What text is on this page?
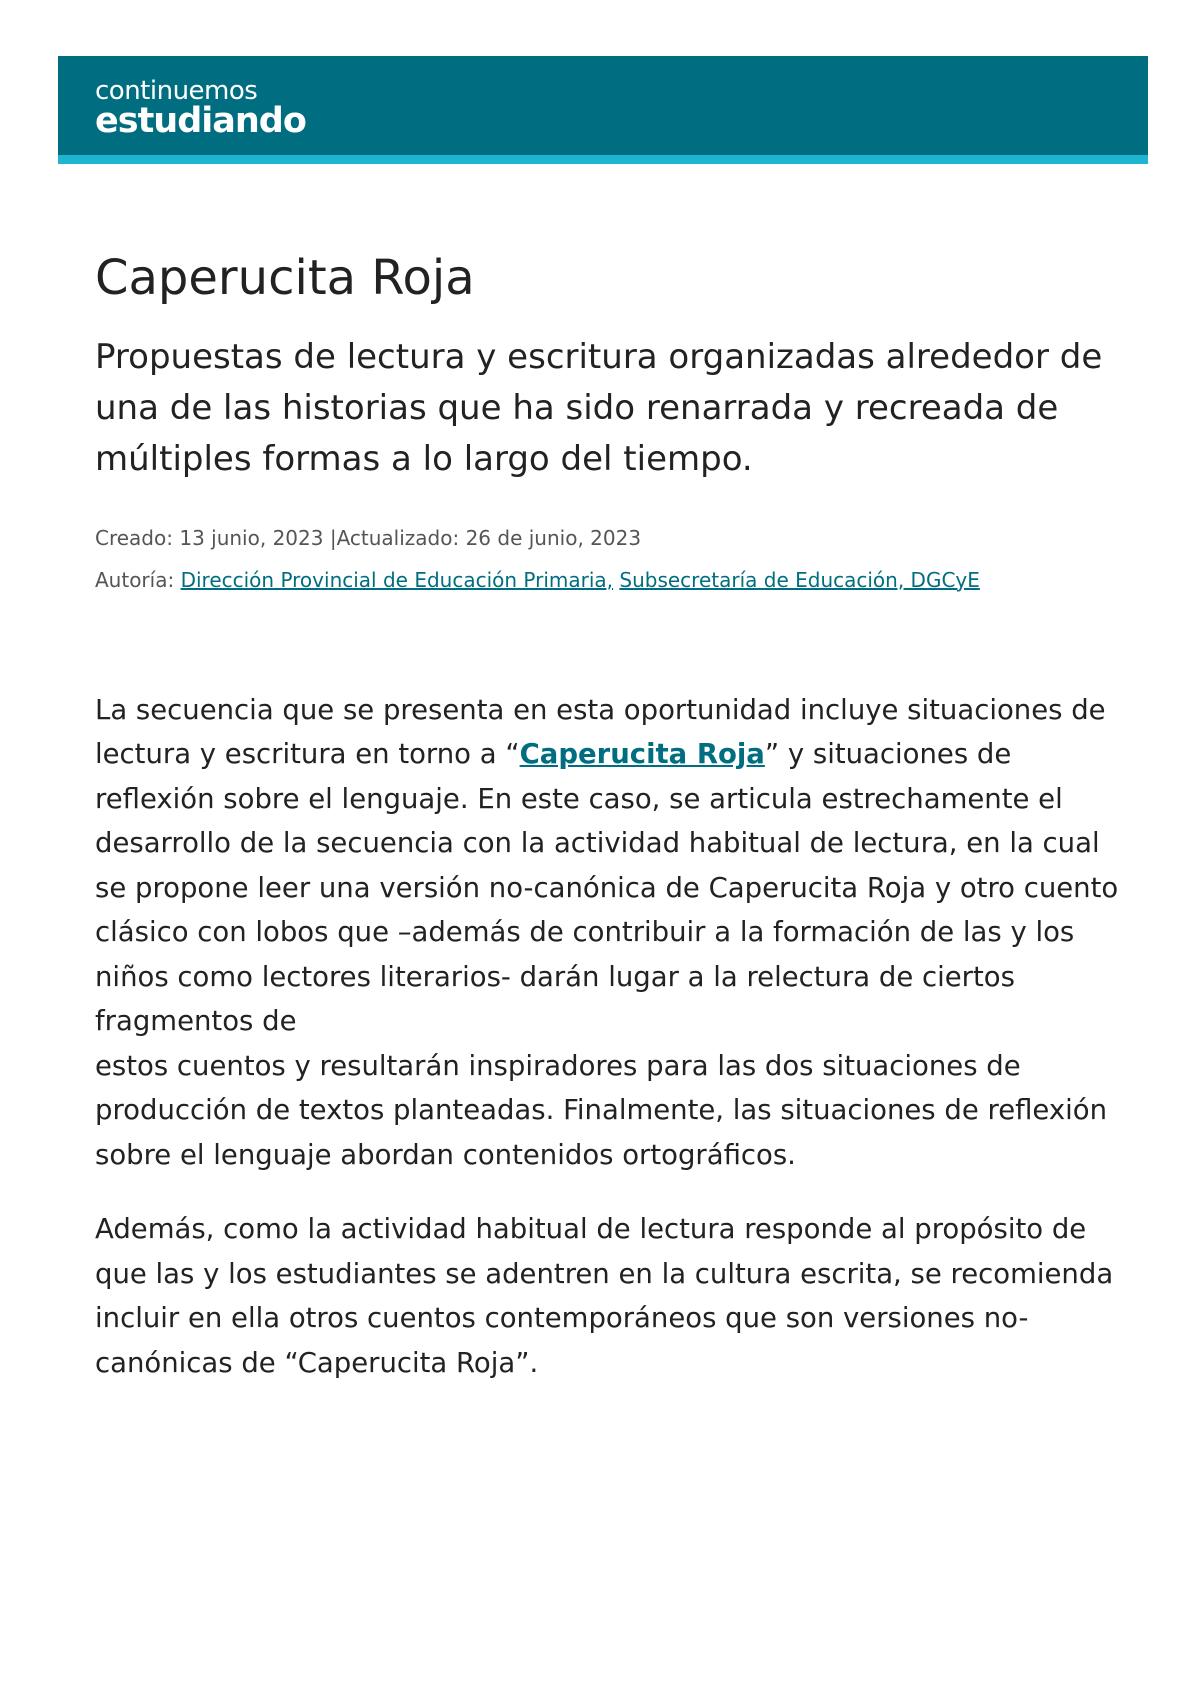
continuemos
estudiando
Caperucita Roja
Propuestas de lectura y escritura organizadas alrededor de una de las historias que ha sido renarrada y recreada de múltiples formas a lo largo del tiempo.
Creado: 13 junio, 2023 |Actualizado: 26 de junio, 2023
Autoría: Dirección Provincial de Educación Primaria, Subsecretaría de Educación, DGCyE

La secuencia que se presenta en esta oportunidad incluye situaciones de lectura y escritura en torno a “Caperucita Roja” y situaciones de reflexión sobre el lenguaje. En este caso, se articula estrechamente el desarrollo de la secuencia con la actividad habitual de lectura, en la cual se propone leer una versión no-canónica de Caperucita Roja y otro cuento clásico con lobos que –además de contribuir a la formación de las y los niños como lectores literarios- darán lugar a la relectura de ciertos fragmentos de
estos cuentos y resultarán inspiradores para las dos situaciones de producción de textos planteadas. Finalmente, las situaciones de reflexión sobre el lenguaje abordan contenidos ortográficos.

Además, como la actividad habitual de lectura responde al propósito de que las y los estudiantes se adentren en la cultura escrita, se recomienda incluir en ella otros cuentos contemporáneos que son versiones no- canónicas de “Caperucita Roja”.
